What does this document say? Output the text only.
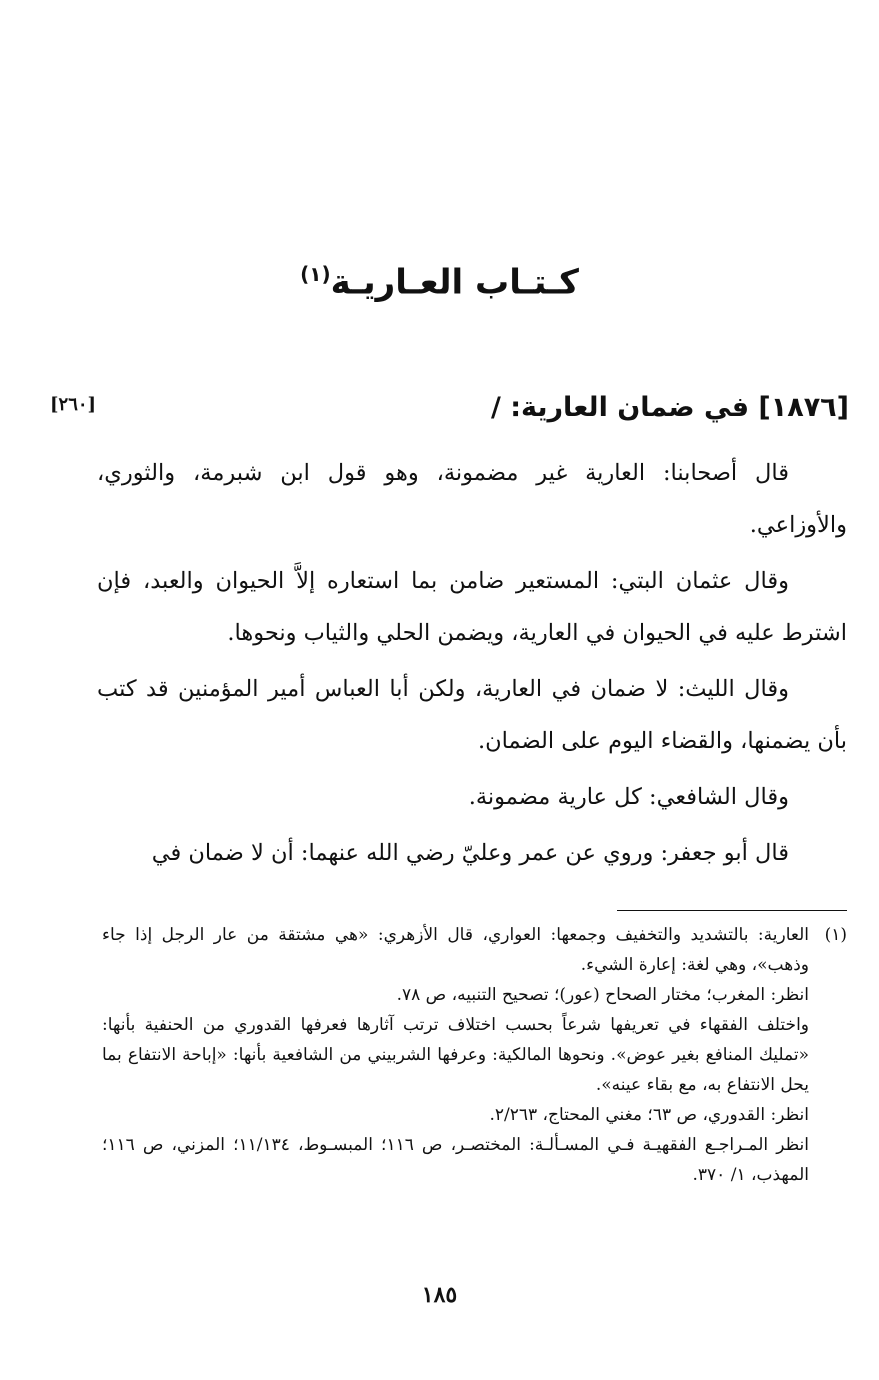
كـتـاب العـاريـة$^{(١)}$
[١٨٧٦] في ضمان العارية: /
[٢٦٠]

قال أصحابنا: العارية غير مضمونة، وهو قول ابن شبرمة، والثوري، والأوزاعي.

وقال عثمان البتي: المستعير ضامن بما استعاره إلاَّ الحيوان والعبد، فإن اشترط عليه في الحيوان في العارية، ويضمن الحلي والثياب ونحوها.

وقال الليث: لا ضمان في العارية، ولكن أبا العباس أمير المؤمنين قد كتب بأن يضمنها، والقضاء اليوم على الضمان.

وقال الشافعي: كل عارية مضمونة.

قال أبو جعفر: وروي عن عمر وعليّ رضي الله عنهما: أن لا ضمان في

(١)
العارية: بالتشديد والتخفيف وجمعها: العواري، قال الأزهري: «هي مشتقة من عار الرجل إذا جاء وذهب»، وهي لغة: إعارة الشيء.
انظر: المغرب؛ مختار الصحاح (عور)؛ تصحيح التنبيه، ص ٧٨.
واختلف الفقهاء في تعريفها شرعاً بحسب اختلاف ترتب آثارها فعرفها القدوري من الحنفية بأنها: «تمليك المنافع بغير عوض». ونحوها المالكية: وعرفها الشربيني من الشافعية بأنها: «إباحة الانتفاع بما يحل الانتفاع به، مع بقاء عينه».
انظر: القدوري، ص ٦٣؛ مغني المحتاج، ٢/٢٦٣.
انظر المـراجـع الفقهيـة فـي المسـألـة: المختصـر، ص ١١٦؛ المبسـوط، ١١/١٣٤؛ المزني، ص ١١٦؛ المهذب، ١/ ٣٧٠.
١٨٥
